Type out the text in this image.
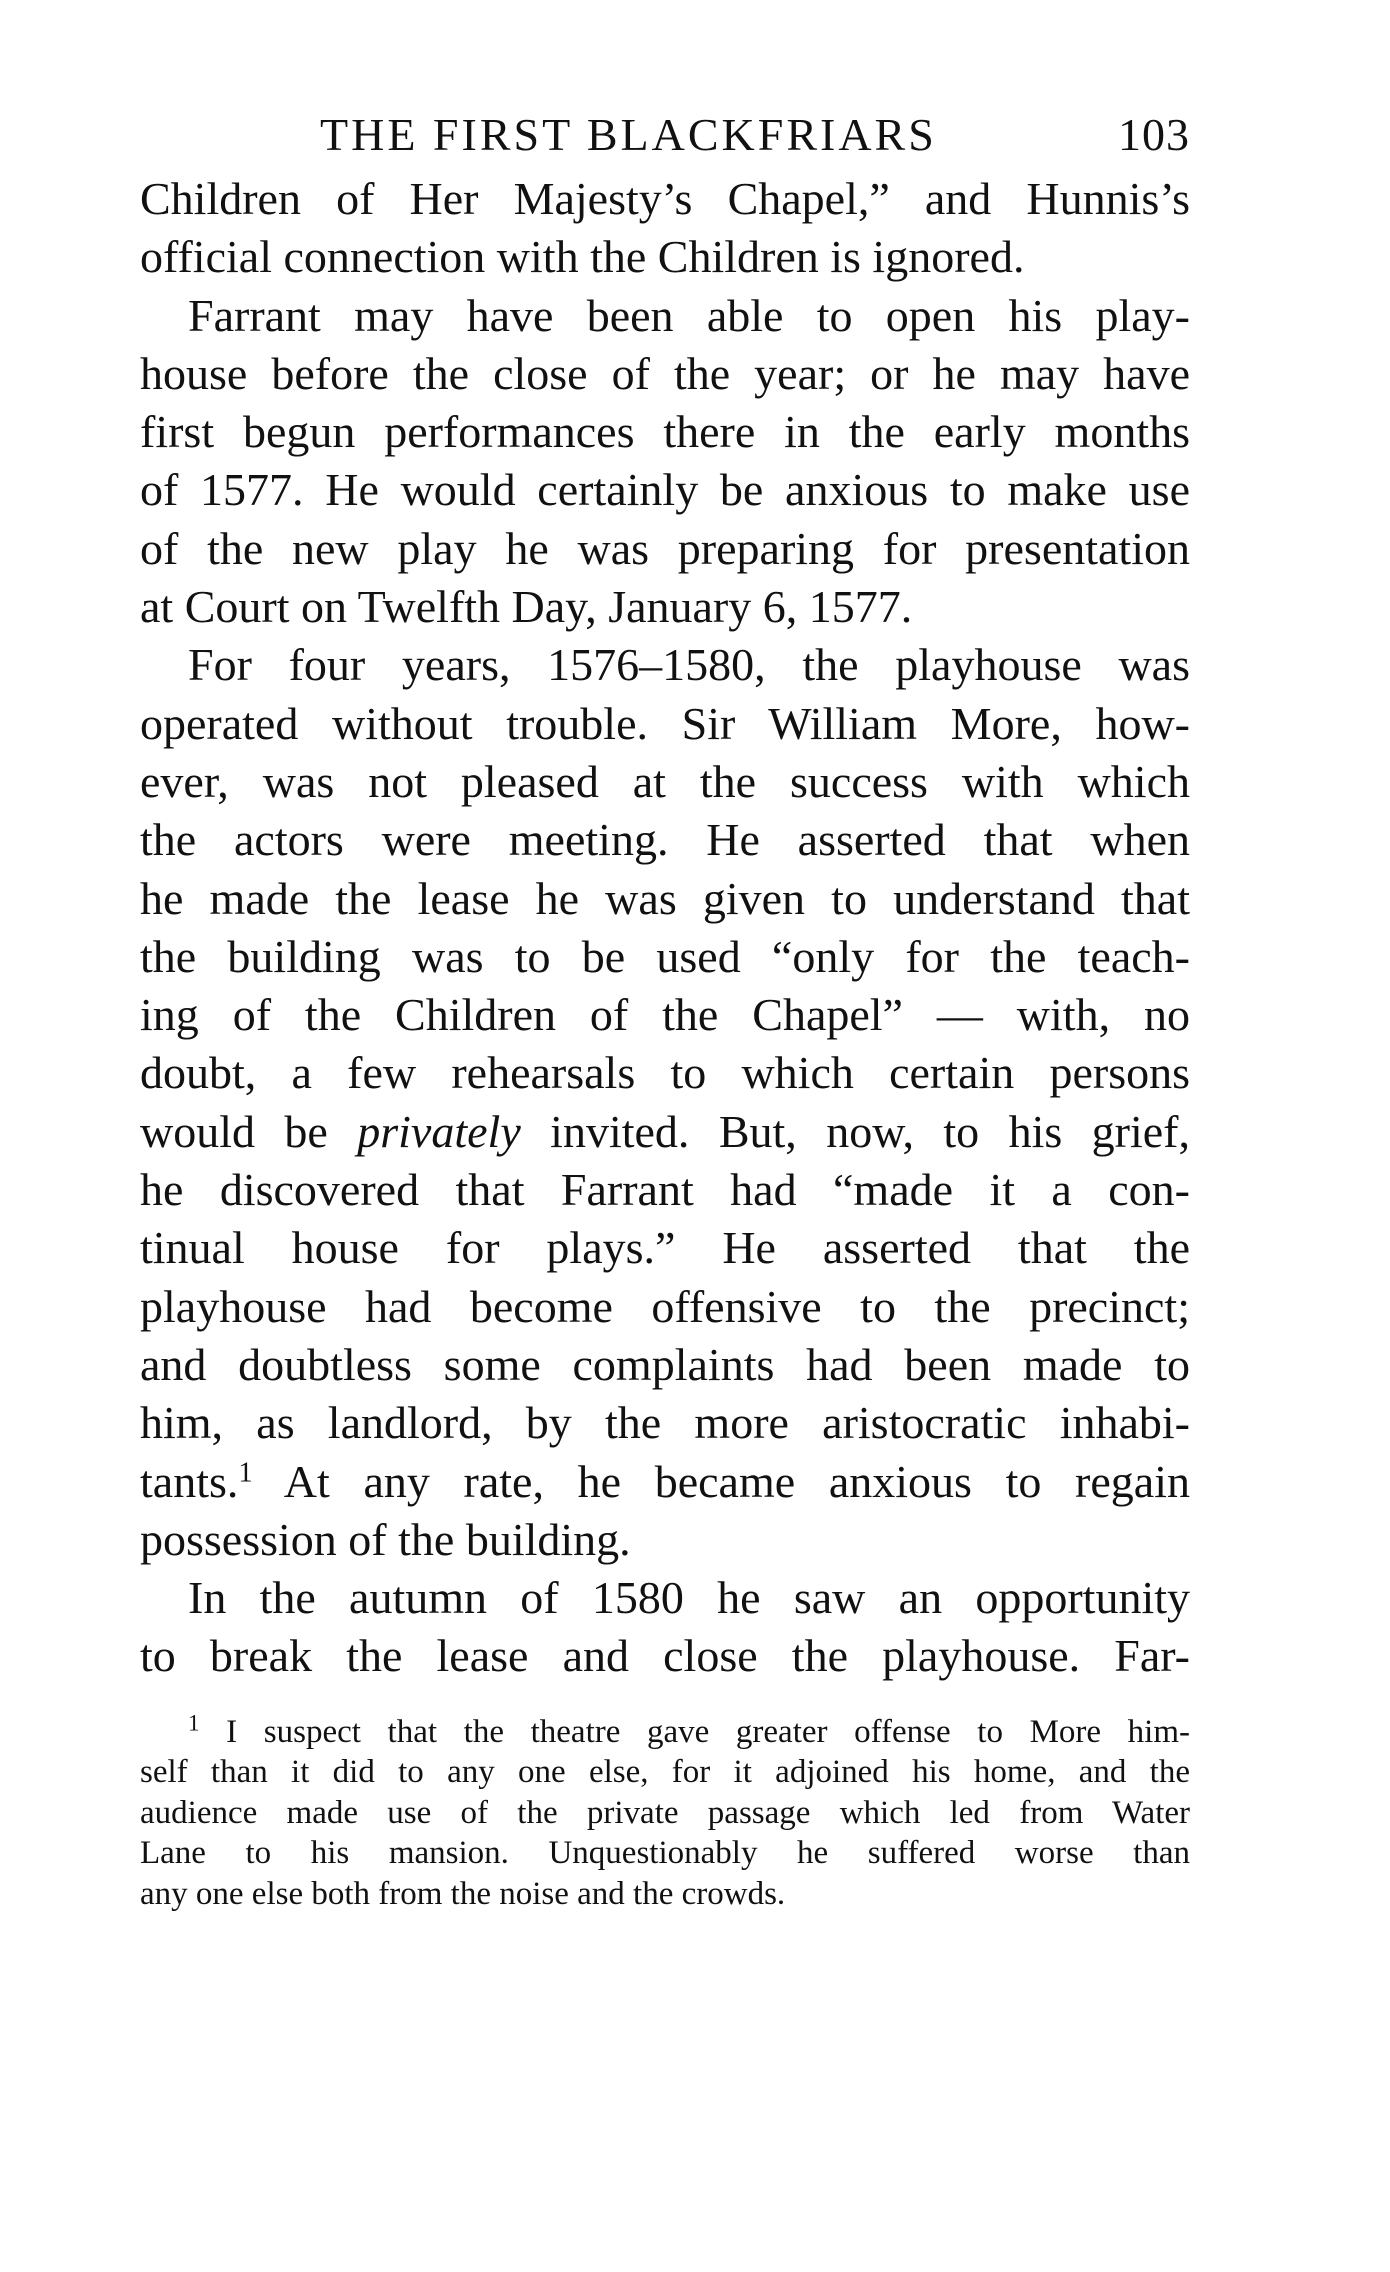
THE FIRST BLACKFRIARS	103
Children of Her Majesty’s Chapel,” and Hunnis’s
official connection with the Children is ignored.
Farrant may have been able to open his play-
house before the close of the year; or he may have
first begun performances there in the early months
of 1577. He would certainly be anxious to make use
of the new play he was preparing for presentation
at Court on Twelfth Day, January 6, 1577.
For four years, 1576–1580, the playhouse was
operated without trouble. Sir William More, how-
ever, was not pleased at the success with which
the actors were meeting. He asserted that when
he made the lease he was given to understand that
the building was to be used “only for the teach-
ing of the Children of the Chapel” — with, no
doubt, a few rehearsals to which certain persons
would be privately invited. But, now, to his grief,
he discovered that Farrant had “made it a con-
tinual house for plays.” He asserted that the
playhouse had become offensive to the precinct;
and doubtless some complaints had been made to
him, as landlord, by the more aristocratic inhabi-
tants.$^1$ At any rate, he became anxious to regain
possession of the building.
In the autumn of 1580 he saw an opportunity
to break the lease and close the playhouse. Far-
$^1$ I suspect that the theatre gave greater offense to More him-
self than it did to any one else, for it adjoined his home, and the
audience made use of the private passage which led from Water
Lane to his mansion. Unquestionably he suffered worse than
any one else both from the noise and the crowds.
